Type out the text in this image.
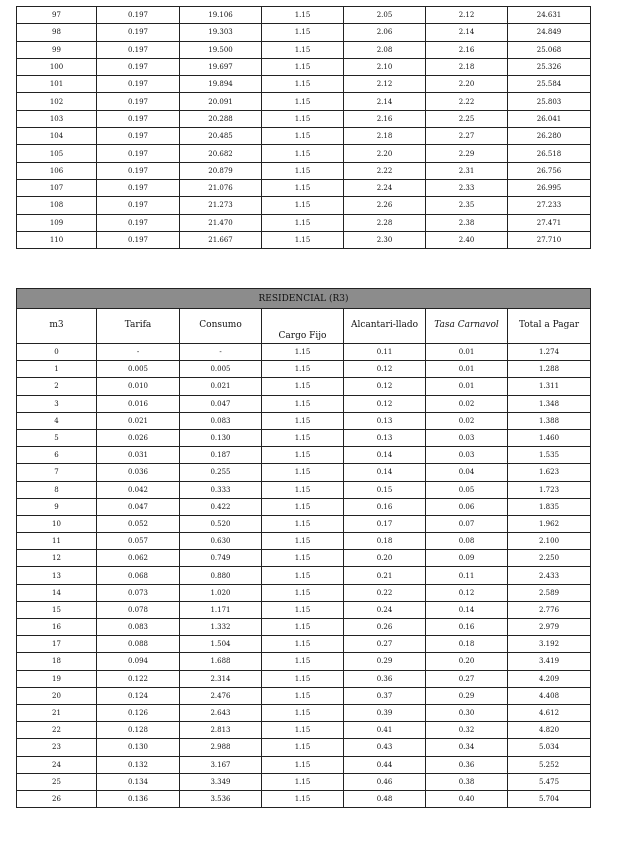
97	0.197	19.106	1.15	2.05	2.12	24.631
98	0.197	19.303	1.15	2.06	2.14	24.849
99	0.197	19.500	1.15	2.08	2.16	25.068
100	0.197	19.697	1.15	2.10	2.18	25.326
101	0.197	19.894	1.15	2.12	2.20	25.584
102	0.197	20.091	1.15	2.14	2.22	25.803
103	0.197	20.288	1.15	2.16	2.25	26.041
104	0.197	20.485	1.15	2.18	2.27	26.280
105	0.197	20.682	1.15	2.20	2.29	26.518
106	0.197	20.879	1.15	2.22	2.31	26.756
107	0.197	21.076	1.15	2.24	2.33	26.995
108	0.197	21.273	1.15	2.26	2.35	27.233
109	0.197	21.470	1.15	2.28	2.38	27.471
110	0.197	21.667	1.15	2.30	2.40	27.710
RESIDENCIAL (R3)						
m3	Tarifa	Consumo	Cargo Fijo	Alcantari-llado	Tasa Carnavol	Total a Pagar
0	-	-	1.15	0.11	0.01	1.274
1	0.005	0.005	1.15	0.12	0.01	1.288
2	0.010	0.021	1.15	0.12	0.01	1.311
3	0.016	0.047	1.15	0.12	0.02	1.348
4	0.021	0.083	1.15	0.13	0.02	1.388
5	0.026	0.130	1.15	0.13	0.03	1.460
6	0.031	0.187	1.15	0.14	0.03	1.535
7	0.036	0.255	1.15	0.14	0.04	1.623
8	0.042	0.333	1.15	0.15	0.05	1.723
9	0.047	0.422	1.15	0.16	0.06	1.835
10	0.052	0.520	1.15	0.17	0.07	1.962
11	0.057	0.630	1.15	0.18	0.08	2.100
12	0.062	0.749	1.15	0.20	0.09	2.250
13	0.068	0.880	1.15	0.21	0.11	2.433
14	0.073	1.020	1.15	0.22	0.12	2.589
15	0.078	1.171	1.15	0.24	0.14	2.776
16	0.083	1.332	1.15	0.26	0.16	2.979
17	0.088	1.504	1.15	0.27	0.18	3.192
18	0.094	1.688	1.15	0.29	0.20	3.419
19	0.122	2.314	1.15	0.36	0.27	4.209
20	0.124	2.476	1.15	0.37	0.29	4.408
21	0.126	2.643	1.15	0.39	0.30	4.612
22	0.128	2.813	1.15	0.41	0.32	4.820
23	0.130	2.988	1.15	0.43	0.34	5.034
24	0.132	3.167	1.15	0.44	0.36	5.252
25	0.134	3.349	1.15	0.46	0.38	5.475
26	0.136	3.536	1.15	0.48	0.40	5.704
